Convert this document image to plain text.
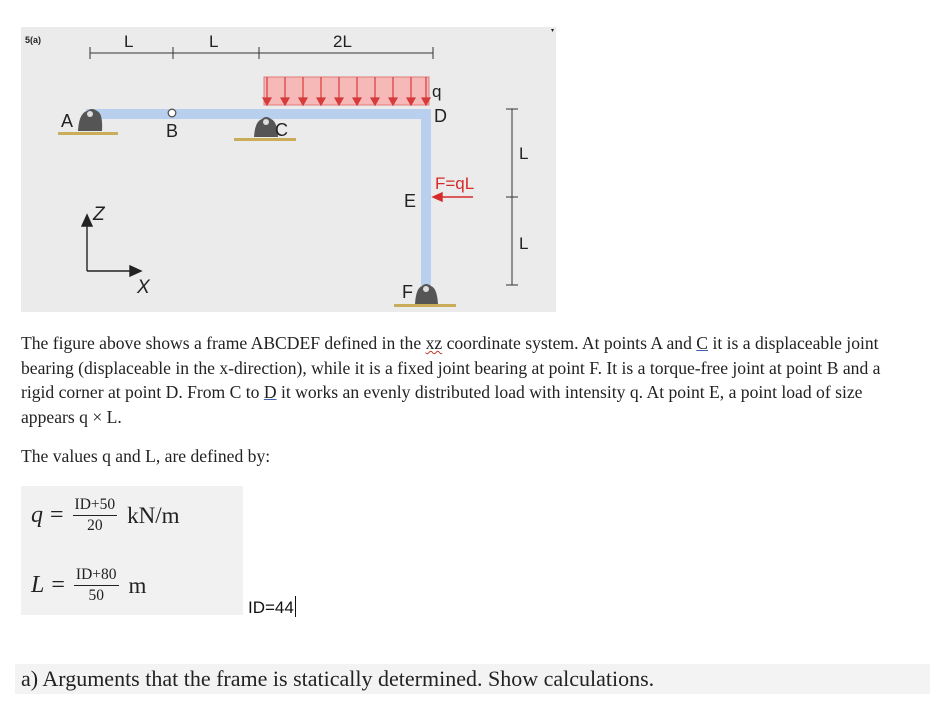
5(a)	L	L	2L
q
A	B	C
D
F=qL
E
F
L
L
Z
X
▾

The figure above shows a frame ABCDEF defined in the xz coordinate system. At points A and C it is a displaceable joint bearing (displaceable in the x-direction), while it is a fixed joint bearing at point F. It is a torque-free joint at point B and a rigid corner at point D. From C to D it works an evenly distributed load with intensity q. At point E, a point load of size appears q × L.

The values q and L, are defined by:

$q = \frac{ID+50}{20} kN/m$
$L = \frac{ID+80}{50}$ m
ID=44
a) Arguments that the frame is statically determined. Show calculations.
